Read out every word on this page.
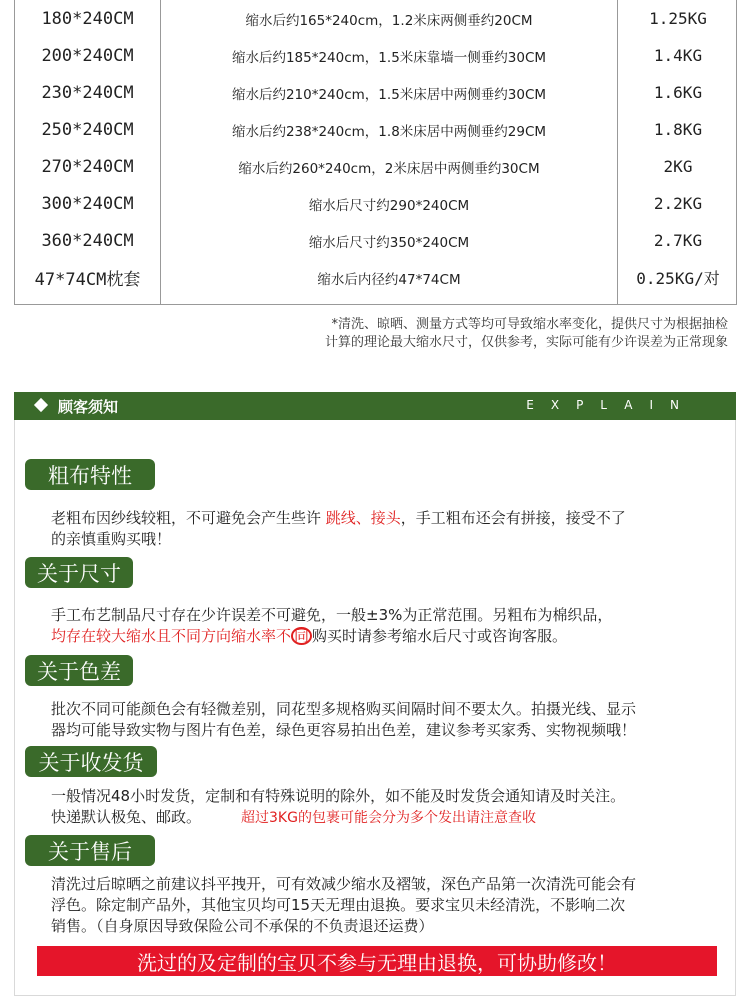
180*240CM	缩水后约165*240cm，1.2米床两侧垂约20CM	1.25KG
200*240CM	缩水后约185*240cm，1.5米床靠墙一侧垂约30CM	1.4KG
230*240CM	缩水后约210*240cm，1.5米床居中两侧垂约30CM	1.6KG
250*240CM	缩水后约238*240cm，1.8米床居中两侧垂约29CM	1.8KG
270*240CM	缩水后约260*240cm，2米床居中两侧垂约30CM	2KG
300*240CM	缩水后尺寸约290*240CM	2.2KG
360*240CM	缩水后尺寸约350*240CM	2.7KG
47*74CM枕套	缩水后内径约47*74CM	0.25KG/对
*清洗、晾晒、测量方式等均可导致缩水率变化，提供尺寸为根据抽检
计算的理论最大缩水尺寸，仅供参考，实际可能有少许误差为正常现象
顾客须知	EXPLAIN
粗布特性
老粗布因纱线较粗，不可避免会产生些许 跳线、接头，手工粗布还会有拼接，接受不了
的亲慎重购买哦！
关于尺寸
手工布艺制品尺寸存在少许误差不可避免，一般±3%为正常范围。另粗布为棉织品，
均存在较大缩水且不同方向缩水率不 同 购买时请参考缩水后尺寸或咨询客服。
关于色差
批次不同可能颜色会有轻微差别，同花型多规格购买间隔时间不要太久。拍摄光线、显示
器均可能导致实物与图片有色差，绿色更容易拍出色差，建议参考买家秀、实物视频哦！
关于收发货
一般情况48小时发货，定制和有特殊说明的除外，如不能及时发货会通知请及时关注。
快递默认极兔、邮政。	超过3KG的包裹可能会分为多个发出请注意查收
关于售后
清洗过后晾晒之前建议抖平拽开，可有效减少缩水及褶皱，深色产品第一次清洗可能会有
浮色。除定制产品外，其他宝贝均可15天无理由退换。要求宝贝未经清洗，不影响二次
销售。（自身原因导致保险公司不承保的不负责退还运费）
洗过的及定制的宝贝不参与无理由退换，可协助修改！
